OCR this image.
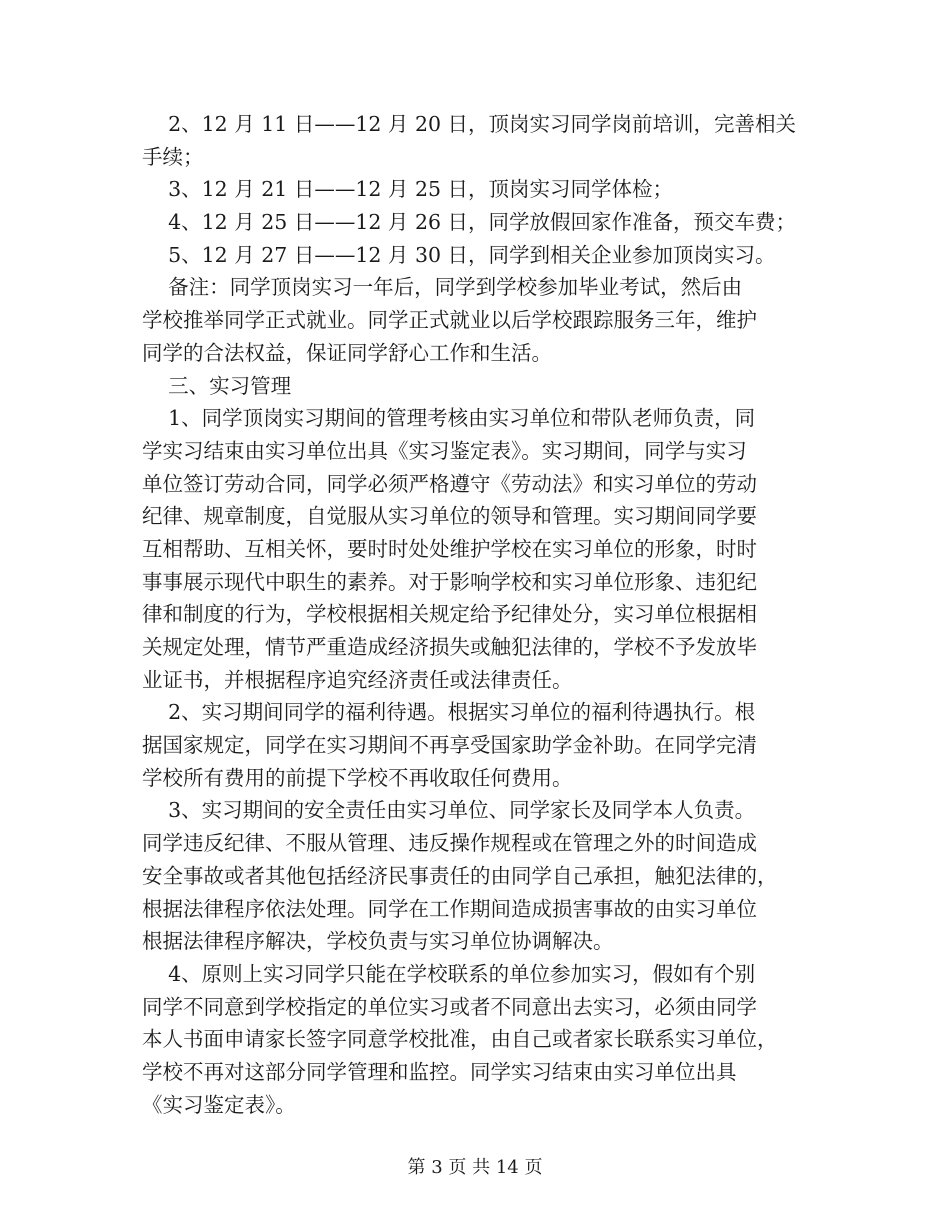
2、12 月 11 日——12 月 20 日，顶岗实习同学岗前培训，完善相关
手续；
3、12 月 21 日——12 月 25 日，顶岗实习同学体检；
4、12 月 25 日——12 月 26 日，同学放假回家作准备，预交车费；
5、12 月 27 日——12 月 30 日，同学到相关企业参加顶岗实习。
备注：同学顶岗实习一年后，同学到学校参加毕业考试，然后由
学校推举同学正式就业。同学正式就业以后学校跟踪服务三年，维护
同学的合法权益，保证同学舒心工作和生活。
三、实习管理
1、同学顶岗实习期间的管理考核由实习单位和带队老师负责，同
学实习结束由实习单位出具《实习鉴定表》。实习期间，同学与实习
单位签订劳动合同，同学必须严格遵守《劳动法》和实习单位的劳动
纪律、规章制度，自觉服从实习单位的领导和管理。实习期间同学要
互相帮助、互相关怀，要时时处处维护学校在实习单位的形象，时时
事事展示现代中职生的素养。对于影响学校和实习单位形象、违犯纪
律和制度的行为，学校根据相关规定给予纪律处分，实习单位根据相
关规定处理，情节严重造成经济损失或触犯法律的，学校不予发放毕
业证书，并根据程序追究经济责任或法律责任。
2、实习期间同学的福利待遇。根据实习单位的福利待遇执行。根
据国家规定，同学在实习期间不再享受国家助学金补助。在同学完清
学校所有费用的前提下学校不再收取任何费用。
3、实习期间的安全责任由实习单位、同学家长及同学本人负责。
同学违反纪律、不服从管理、违反操作规程或在管理之外的时间造成
安全事故或者其他包括经济民事责任的由同学自己承担，触犯法律的，
根据法律程序依法处理。同学在工作期间造成损害事故的由实习单位
根据法律程序解决，学校负责与实习单位协调解决。
4、原则上实习同学只能在学校联系的单位参加实习，假如有个别
同学不同意到学校指定的单位实习或者不同意出去实习，必须由同学
本人书面申请家长签字同意学校批准，由自己或者家长联系实习单位，
学校不再对这部分同学管理和监控。同学实习结束由实习单位出具
《实习鉴定表》。
第 3 页 共 14 页
